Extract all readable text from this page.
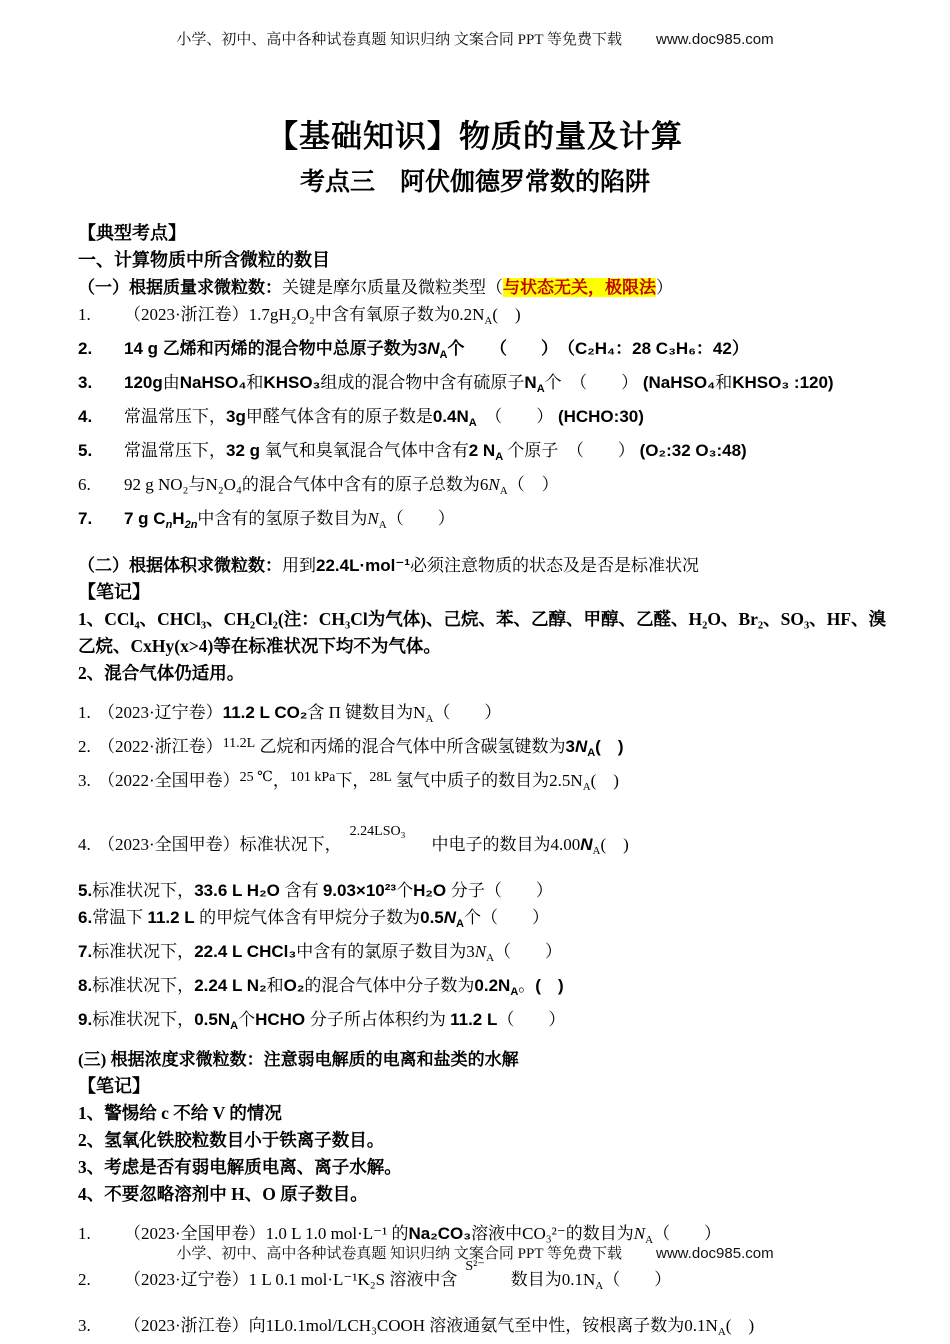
小学、初中、高中各种试卷真题 知识归纳 文案合同 PPT 等免费下载 www.doc985.com
【基础知识】物质的量及计算
考点三　阿伏伽德罗常数的陷阱
【典型考点】
一、计算物质中所含微粒的数目
（一）根据质量求微粒数：关键是摩尔质量及微粒类型（与状态无关，极限法）
1. （2023·浙江卷）1.7gH₂O₂中含有氧原子数为$0.2N_A$(　)
2. 14 g 乙烯和丙烯的混合物中总原子数为$3N_A$个　　（　　）　（C₂H₄：28 C₃H₆：42）
3. 120g由NaHSO₄和KHSO₃组成的混合物中含有硫原子$N_A$个　（　　） (NaHSO₄和KHSO₃ :120)
4. 常温常压下，3g甲醛气体含有的原子数是$0.4N_A$　（　　） (HCHO:30)
5. 常温常压下，32 g 氧气和臭氧混合气体中含有2 $N_A$ 个原子　（　　） (O₂:32 O₃:48)
6. 92 g NO₂与N₂O₄的混合气体中含有的原子总数为$6N_A$（　）
7. 7 g $C_nH_{2n}$中含有的氢原子数目为$N_A$（　　）
（二）根据体积求微粒数：用到22.4L·mol⁻¹必须注意物质的状态及是否是标准状况
【笔记】
1、CCl₄、CHCl₃、CH₂Cl₂(注：CH₃Cl为气体)、己烷、苯、乙醇、甲醇、乙醛、H₂O、Br₂、SO₃、HF、溴乙烷、CxHy(x>4)等在标准状况下均不为气体。
2、混合气体仍适用。
1. （2023·辽宁卷）11.2 L CO₂含 Π 键数目为$N_A$（　　）
2. （2022·浙江卷）$^{11.2L}$ 乙烷和丙烯的混合气体中所含碳氢键数为$3N_A$(　)
3. （2022·全国甲卷）$^{25 ℃}$，$^{101 kPa}$下，$^{28L}$ 氢气中质子的数目为$2.5N_A$(　)
4. （2023·全国甲卷）标准状况下，2.24LSO₃中电子的数目为$4.00N_A$(　)
5.标准状况下，33.6 L H₂O 含有 9.03×10²³个H₂O 分子（　　）
6.常温下 11.2 L 的甲烷气体含有甲烷分子数为$0.5N_A$个（　　）
7.标准状况下，22.4 L CHCl₃中含有的氯原子数目为$3N_A$（　　）
8.标准状况下，2.24 L N₂和O₂的混合气体中分子数为$0.2N_A$。(　)
9.标准状况下，$0.5N_A$个HCHO 分子所占体积约为 11.2 L（　　）
(三) 根据浓度求微粒数：注意弱电解质的电离和盐类的水解
【笔记】
1、警惕给 c 不给 V 的情况
2、氢氧化铁胶粒数目小于铁离子数目。
3、考虑是否有弱电解质电离、离子水解。
4、不要忽略溶剂中 H、O 原子数目。
1. （2023·全国甲卷）1.0 L 1.0 mol·L⁻¹ 的Na₂CO₃溶液中CO₃²⁻的数目为$N_A$（　　）
2. （2023·辽宁卷）1 L 0.1 mol·L⁻¹K₂S 溶液中含S²⁻数目为$0.1N_A$（　　）
3. （2023·浙江卷）向1L0.1mol/LCH₃COOH 溶液通氨气至中性，铵根离子数为$0.1N_A$(　)
小学、初中、高中各种试卷真题 知识归纳 文案合同 PPT 等免费下载 www.doc985.com
